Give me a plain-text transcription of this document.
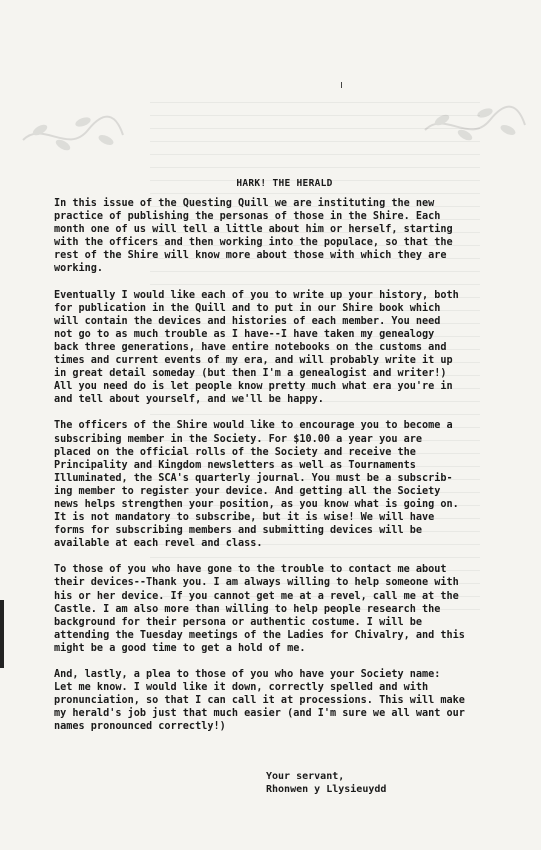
HARK! THE HERALD

In this issue of the Questing Quill we are instituting the new
practice of publishing the personas of those in the Shire. Each
month one of us will tell a little about him or herself, starting
with the officers and then working into the populace, so that the
rest of the Shire will know more about those with which they are
working.

Eventually I would like each of you to write up your history, both
for publication in the Quill and to put in our Shire book which
will contain the devices and histories of each member. You need
not go to as much trouble as I have--I have taken my genealogy
back three generations, have entire notebooks on the customs and
times and current events of my era, and will probably write it up
in great detail someday (but then I'm a genealogist and writer!)
All you need do is let people know pretty much what era you're in
and tell about yourself, and we'll be happy.

The officers of the Shire would like to encourage you to become a
subscribing member in the Society. For $10.00 a year you are
placed on the official rolls of the Society and receive the
Principality and Kingdom newsletters as well as Tournaments
Illuminated, the SCA's quarterly journal. You must be a subscrib-
ing member to register your device. And getting all the Society
news helps strengthen your position, as you know what is going on.
It is not mandatory to subscribe, but it is wise! We will have
forms for subscribing members and submitting devices will be
available at each revel and class.

To those of you who have gone to the trouble to contact me about
their devices--Thank you. I am always willing to help someone with
his or her device. If you cannot get me at a revel, call me at the
Castle. I am also more than willing to help people research the
background for their persona or authentic costume. I will be
attending the Tuesday meetings of the Ladies for Chivalry, and this
might be a good time to get a hold of me.

And, lastly, a plea to those of you who have your Society name:
Let me know. I would like it down, correctly spelled and with
pronunciation, so that I can call it at processions. This will make
my herald's job just that much easier (and I'm sure we all want our
names pronounced correctly!)

Your servant,
Rhonwen y Llysieuydd
